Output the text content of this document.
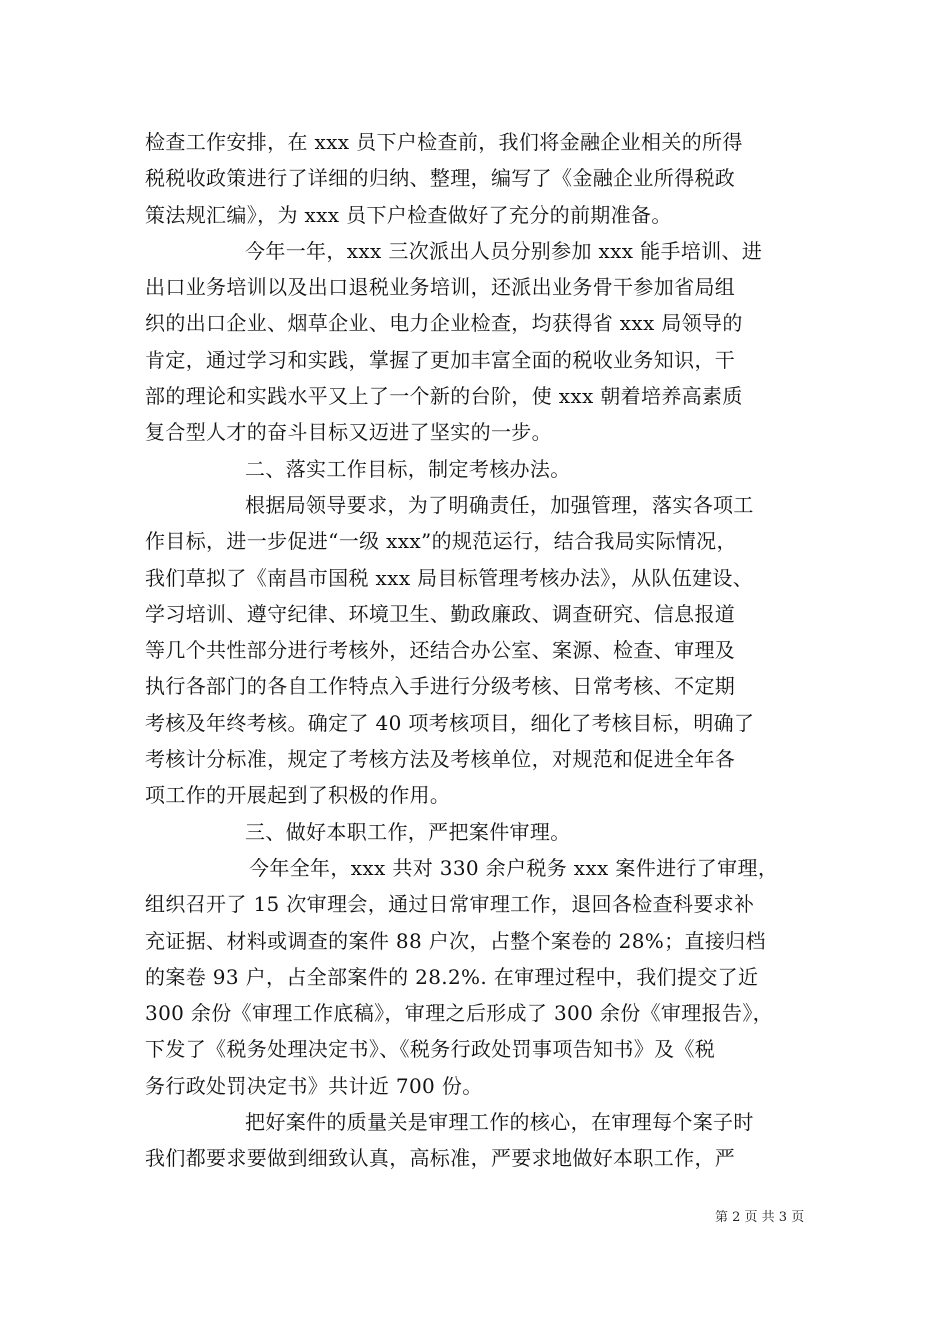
检查工作安排，在 xxx 员下户检查前，我们将金融企业相关的所得
税税收政策进行了详细的归纳、整理，编写了《金融企业所得税政
策法规汇编》，为 xxx 员下户检查做好了充分的前期准备。
今年一年，xxx 三次派出人员分别参加 xxx 能手培训、进
出口业务培训以及出口退税业务培训，还派出业务骨干参加省局组
织的出口企业、烟草企业、电力企业检查，均获得省 xxx 局领导的
肯定，通过学习和实践，掌握了更加丰富全面的税收业务知识，干
部的理论和实践水平又上了一个新的台阶，使 xxx 朝着培养高素质
复合型人才的奋斗目标又迈进了坚实的一步。
二、落实工作目标，制定考核办法。
根据局领导要求，为了明确责任，加强管理，落实各项工
作目标，进一步促进“一级 xxx”的规范运行，结合我局实际情况，
我们草拟了《南昌市国税 xxx 局目标管理考核办法》，从队伍建设、
学习培训、遵守纪律、环境卫生、勤政廉政、调查研究、信息报道
等几个共性部分进行考核外，还结合办公室、案源、检查、审理及
执行各部门的各自工作特点入手进行分级考核、日常考核、不定期
考核及年终考核。确定了 40 项考核项目，细化了考核目标，明确了
考核计分标准，规定了考核方法及考核单位，对规范和促进全年各
项工作的开展起到了积极的作用。
三、做好本职工作，严把案件审理。
今年全年，xxx 共对 330 余户税务 xxx 案件进行了审理，
组织召开了 15 次审理会，通过日常审理工作，退回各检查科要求补
充证据、材料或调查的案件 88 户次，占整个案卷的 28%；直接归档
的案卷 93 户，占全部案件的 28.2%. 在审理过程中，我们提交了近
300 余份《审理工作底稿》，审理之后形成了 300 余份《审理报告》，
下发了《税务处理决定书》、《税务行政处罚事项告知书》及《税
务行政处罚决定书》共计近 700 份。
把好案件的质量关是审理工作的核心，在审理每个案子时
我们都要求要做到细致认真，高标准，严要求地做好本职工作，严
第 2 页 共 3 页
